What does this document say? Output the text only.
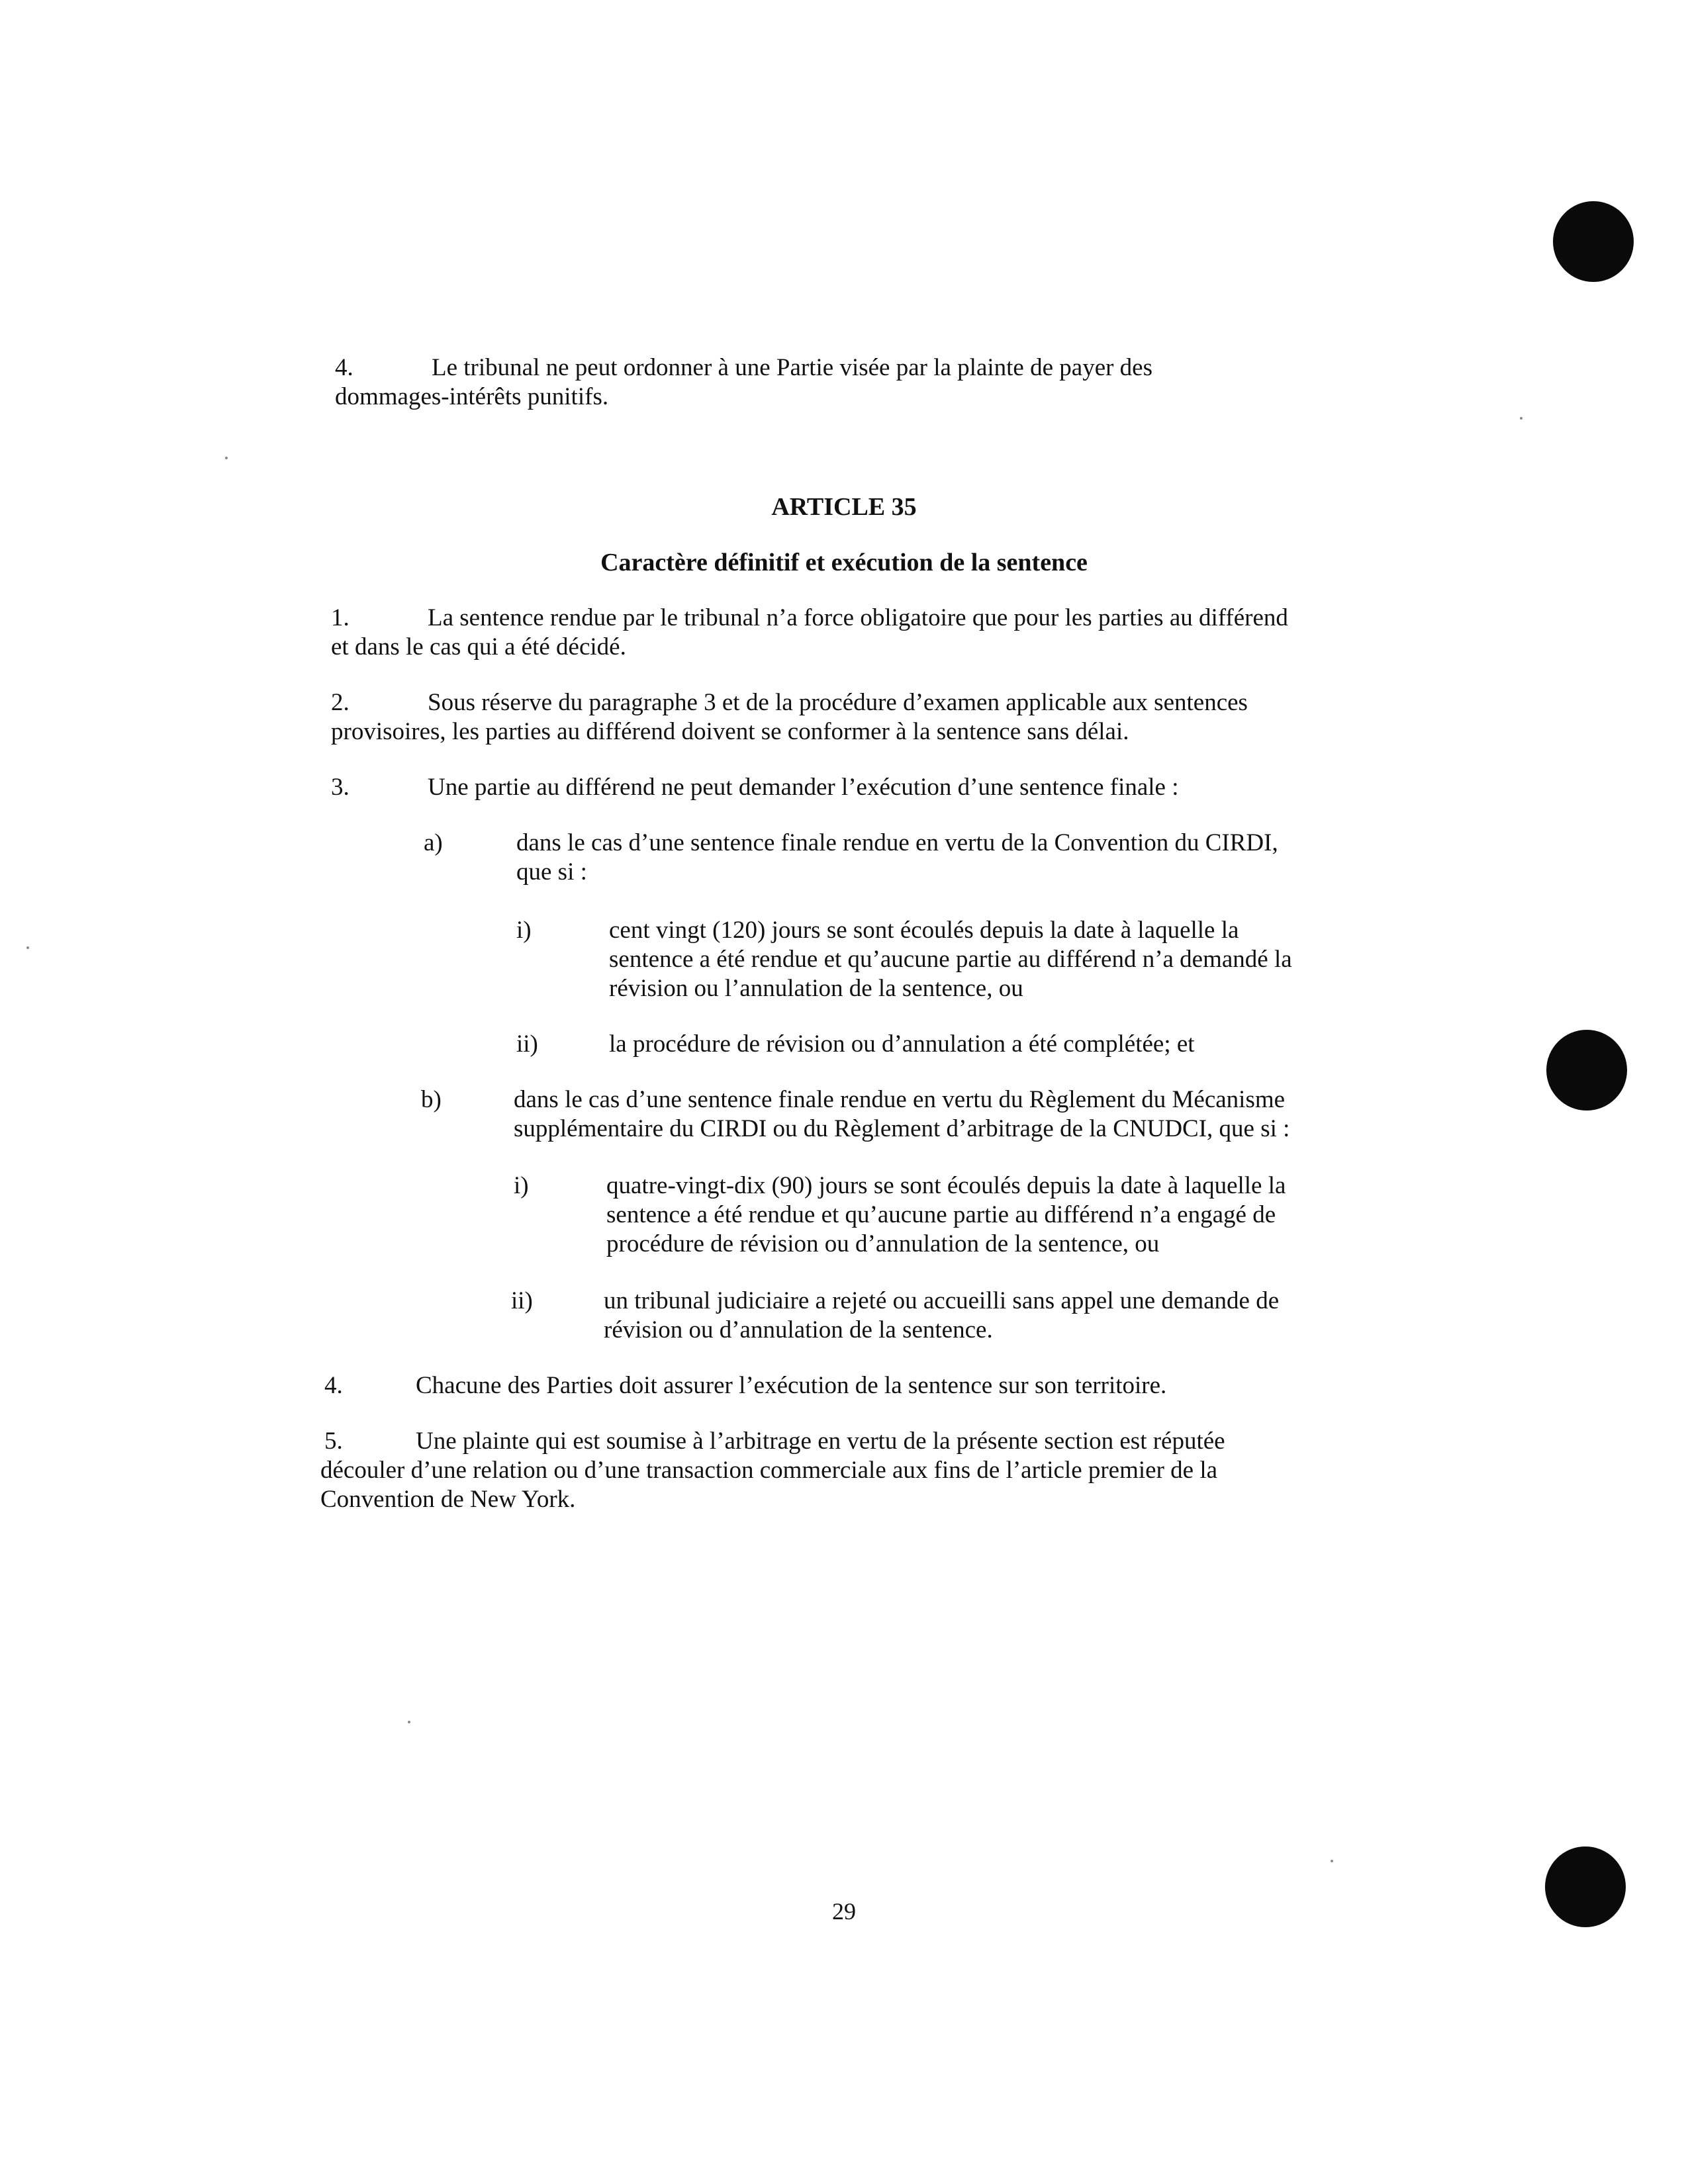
4.	Le tribunal ne peut ordonner à une Partie visée par la plainte de payer des
dommages-intérêts punitifs.
ARTICLE 35
Caractère définitif et exécution de la sentence
1.	La sentence rendue par le tribunal n’a force obligatoire que pour les parties au différend
et dans le cas qui a été décidé.
2.	Sous réserve du paragraphe 3 et de la procédure d’examen applicable aux sentences
provisoires, les parties au différend doivent se conformer à la sentence sans délai.
3.	Une partie au différend ne peut demander l’exécution d’une sentence finale :
a)	dans le cas d’une sentence finale rendue en vertu de la Convention du CIRDI,
que si :
i)	cent vingt (120) jours se sont écoulés depuis la date à laquelle la
sentence a été rendue et qu’aucune partie au différend n’a demandé la
révision ou l’annulation de la sentence, ou
ii)	la procédure de révision ou d’annulation a été complétée; et
b)	dans le cas d’une sentence finale rendue en vertu du Règlement du Mécanisme
supplémentaire du CIRDI ou du Règlement d’arbitrage de la CNUDCI, que si :
i)	quatre-vingt-dix (90) jours se sont écoulés depuis la date à laquelle la
sentence a été rendue et qu’aucune partie au différend n’a engagé de
procédure de révision ou d’annulation de la sentence, ou
ii)	un tribunal judiciaire a rejeté ou accueilli sans appel une demande de
révision ou d’annulation de la sentence.
4.	Chacune des Parties doit assurer l’exécution de la sentence sur son territoire.
5.	Une plainte qui est soumise à l’arbitrage en vertu de la présente section est réputée
découler d’une relation ou d’une transaction commerciale aux fins de l’article premier de la
Convention de New York.
29
